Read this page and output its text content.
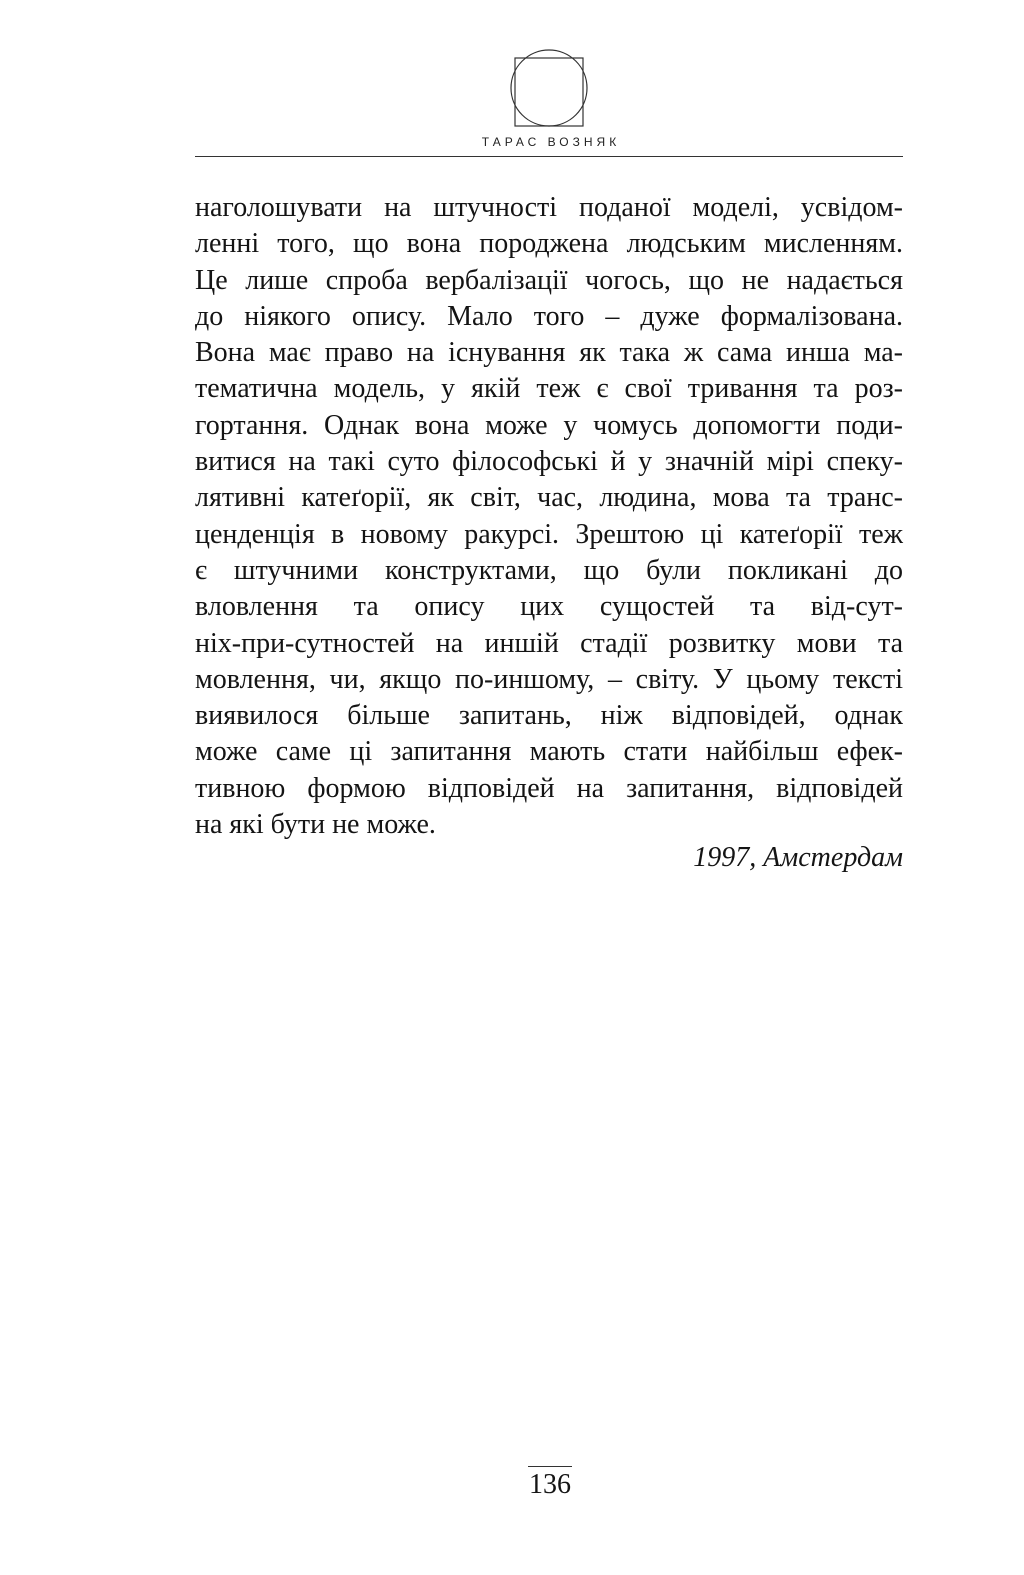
ТАРАС ВОЗНЯК
наголошувати на штучності поданої моделі, усвідом-
ленні того, що вона породжена людським мисленням.
Це лише спроба вербалізації чогось, що не надається
до ніякого опису. Мало того – дуже формалізована.
Вона має право на існування як така ж сама инша ма-
тематична модель, у якій теж є свої тривання та роз-
гортання. Однак вона може у чомусь допомогти поди-
витися на такі суто філософські й у значній мірі спеку-
лятивні катеґорії, як світ, час, людина, мова та транс-
ценденція в новому ракурсі. Зрештою ці катеґорії теж
є штучними конструктами, що були покликані до
вловлення та опису цих сущостей та від-сут-
ніх-при-сутностей на иншій стадії розвитку мови та
мовлення, чи, якщо по-иншому, – світу. У цьому тексті
виявилося більше запитань, ніж відповідей, однак
може саме ці запитання мають стати найбільш ефек-
тивною формою відповідей на запитання, відповідей
на які бути не може.
1997, Амстердам
136
